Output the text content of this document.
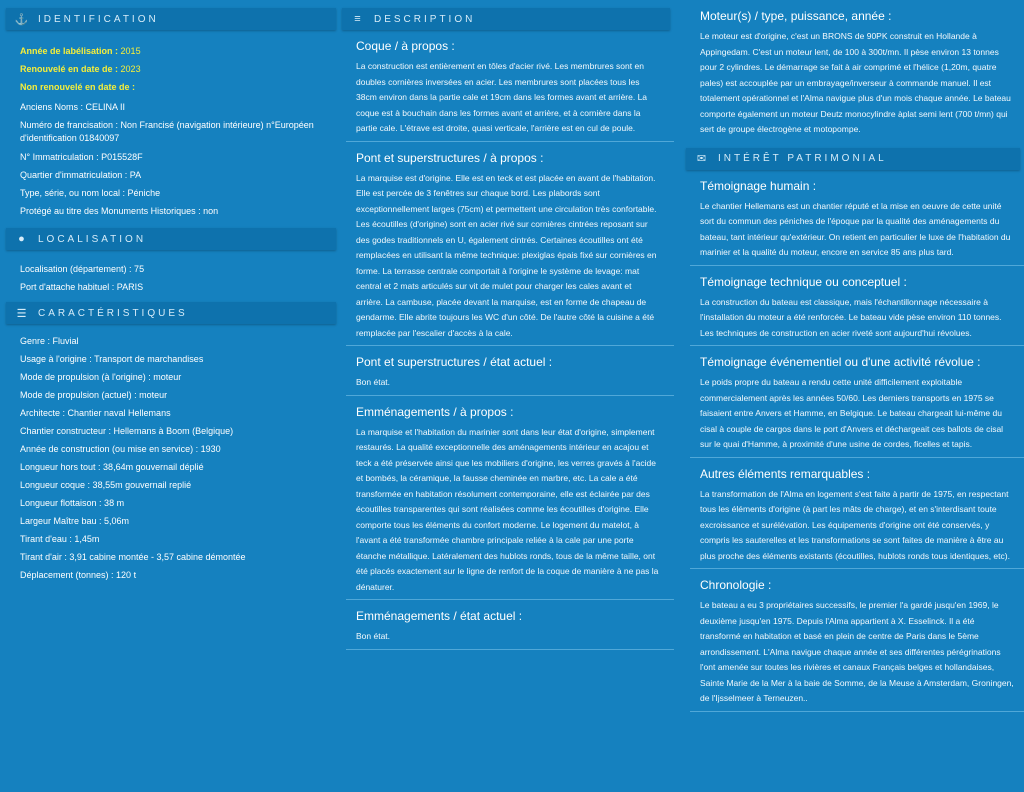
⚓ IDENTIFICATION
Année de labélisation : 2015
Renouvelé en date de : 2023
Non renouvelé en date de :
Anciens Noms : CELINA II
Numéro de francisation : Non Francisé (navigation intérieure) n°Européen d'identification 01840097
N° Immatriculation : P015528F
Quartier d'immatriculation : PA
Type, série, ou nom local : Péniche
Protégé au titre des Monuments Historiques : non
●	LOCALISATION
Localisation (département) : 75
Port d'attache habituel : PARIS
☰ CARACTÉRISTIQUES
Genre : Fluvial
Usage à l'origine : Transport de marchandises
Mode de propulsion (à l'origine) : moteur
Mode de propulsion (actuel) : moteur
Architecte : Chantier naval Hellemans
Chantier constructeur : Hellemans à Boom (Belgique)
Année de construction (ou mise en service) : 1930
Longueur hors tout : 38,64m gouvernail déplié
Longueur coque : 38,55m gouvernail replié
Longueur flottaison : 38 m
Largeur Maître bau : 5,06m
Tirant d'eau : 1,45m
Tirant d'air : 3,91 cabine montée - 3,57 cabine démontée
Déplacement (tonnes) : 120 t
≡	DESCRIPTION
Coque / à propos :

La construction est entièrement en tôles d'acier rivé. Les membrures sont en doubles cornières inversées en acier. Les membrures sont placées tous les 38cm environ dans la partie cale et 19cm dans les formes avant et arrière. La coque est à bouchain dans les formes avant et arrière, et à cornière dans la partie cale. L'étrave est droite, quasi verticale, l'arrière est en cul de poule.

Pont et superstructures / à propos :

La marquise est d'origine. Elle est en teck et est placée en avant de l'habitation. Elle est percée de 3 fenêtres sur chaque bord. Les plabords sont exceptionnellement larges (75cm) et permettent une circulation très confortable. Les écoutilles (d'origine) sont en acier rivé sur cornières cintrées reposant sur des godes traditionnels en U, également cintrés. Certaines écoutilles ont été remplacées en utilisant la même technique: plexiglas épais fixé sur cornières en forme. La terrasse centrale comportait à l'origine le système de levage: mat central et 2 mats articulés sur vit de mulet pour charger les cales avant et arrière. La cambuse, placée devant la marquise, est en forme de chapeau de gendarme. Elle abrite toujours les WC d'un côté. De l'autre côté la cuisine a été remplacée par l'escalier d'accès à la cale.

Pont et superstructures / état actuel :

Bon état.

Emménagements / à propos :

La marquise et l'habitation du marinier sont dans leur état d'origine, simplement restaurés. La qualité exceptionnelle des aménagements intérieur en acajou et teck a été préservée ainsi que les mobiliers d'origine, les verres gravés à l'acide et bombés, la céramique, la fausse cheminée en marbre, etc. La cale a été transformée en habitation résolument contemporaine, elle est éclairée par des écoutilles transparentes qui sont réalisées comme les écoutilles d'origine. Elle comporte tous les éléments du confort moderne. Le logement du matelot, à l'avant a été transformée chambre principale reliée à la cale par une porte étanche métallique. Latéralement des hublots ronds, tous de la même taille, ont été placés exactement sur le ligne de renfort de la coque de manière à ne pas la dénaturer.

Emménagements / état actuel :

Bon état.

Moteur(s) / type, puissance, année :

Le moteur est d'origine, c'est un BRONS de 90PK construit en Hollande à Appingedam. C'est un moteur lent, de 100 à 300t/mn. Il pèse environ 13 tonnes pour 2 cylindres. Le démarrage se fait à air comprimé et l'hélice (1,20m, quatre pales) est accouplée par un embrayage/inverseur à commande manuel. Il est totalement opérationnel et l'Alma navigue plus d'un mois chaque année. Le bateau comporte également un moteur Deutz monocylindre àplat semi lent (700 t/mn) qui sert de groupe électrogène et motopompe.

✉ INTÉRÊT PATRIMONIAL
Témoignage humain :

Le chantier Hellemans est un chantier réputé et la mise en oeuvre de cette unité sort du commun des péniches de l'époque par la qualité des aménagements du bateau, tant intérieur qu'extérieur. On retient en particulier le luxe de l'habitation du marinier et la qualité du moteur, encore en service 85 ans plus tard.

Témoignage technique ou conceptuel :

La construction du bateau est classique, mais l'échantillonnage nécessaire à l'installation du moteur a été renforcée. Le bateau vide pèse environ 110 tonnes. Les techniques de construction en acier riveté sont aujourd'hui révolues.

Témoignage événementiel ou d'une activité révolue :

Le poids propre du bateau a rendu cette unité difficilement exploitable commercialement après les années 50/60. Les derniers transports en 1975 se faisaient entre Anvers et Hamme, en Belgique. Le bateau chargeait lui-même du cisal à couple de cargos dans le port d'Anvers et déchargeait ces ballots de cisal sur le quai d'Hamme, à proximité d'une usine de cordes, ficelles et tapis.

Autres éléments remarquables :

La transformation de l'Alma en logement s'est faite à partir de 1975, en respectant tous les éléments d'origine (à part les mâts de charge), et en s'interdisant toute excroissance et surélévation. Les équipements d'origine ont été conservés, y compris les sauterelles et les transformations se sont faites de manière à être au plus proche des éléments existants (écoutilles, hublots ronds tous identiques, etc).

Chronologie :

Le bateau a eu 3 propriétaires successifs, le premier l'a gardé jusqu'en 1969, le deuxième jusqu'en 1975. Depuis l'Alma appartient à X. Esselinck. Il a été transformé en habitation et basé en plein de centre de Paris dans le 5ème arrondissement. L'Alma navigue chaque année et ses différentes pérégrinations l'ont amenée sur toutes les rivières et canaux Français belges et hollandaises, Sainte Marie de la Mer à la baie de Somme, de la Meuse à Amsterdam, Groningen, de l'Ijsselmeer à Terneuzen..
